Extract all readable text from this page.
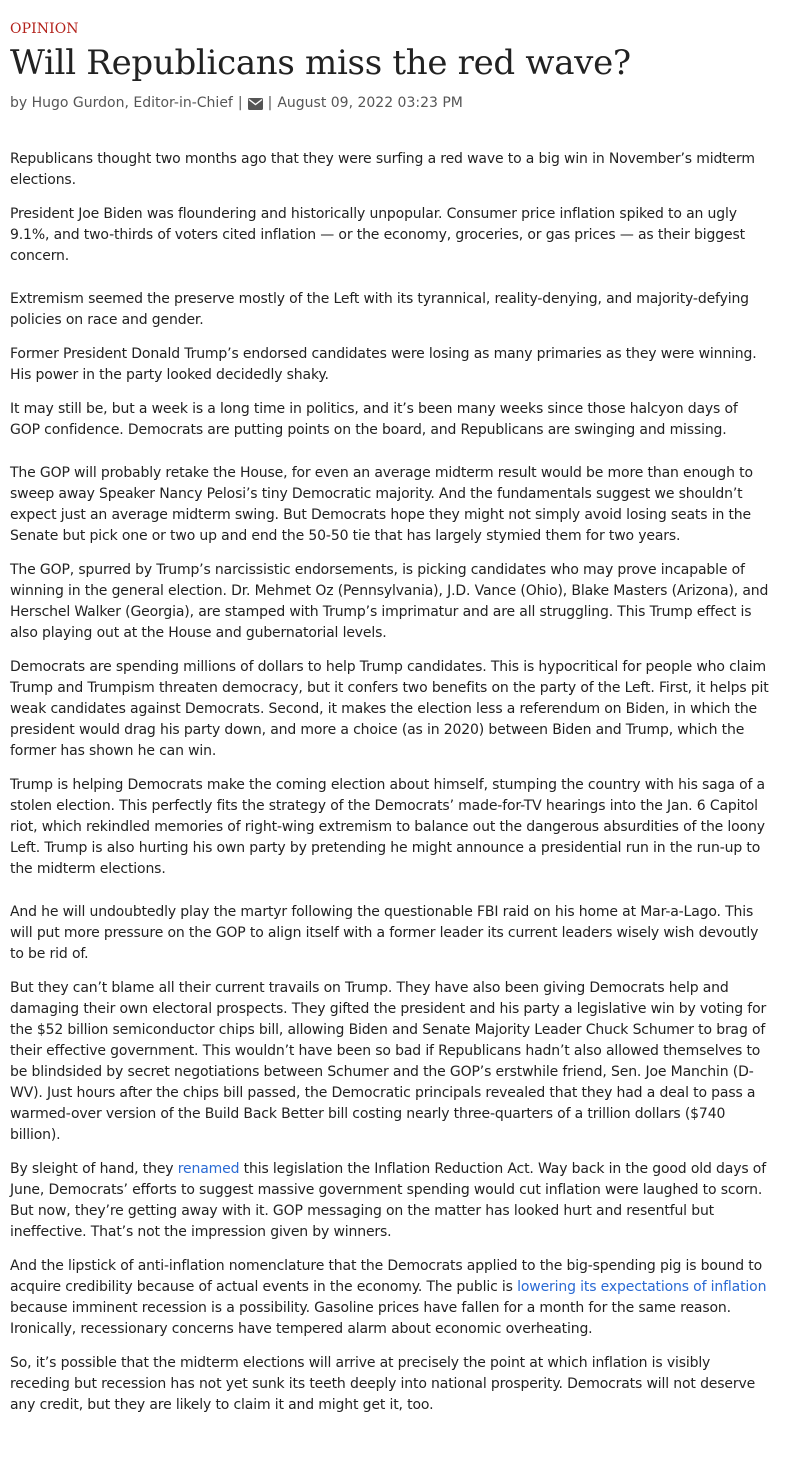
OPINION
Will Republicans miss the red wave?
by Hugo Gurdon, Editor-in-Chief | | August 09, 2022 03:23 PM

Republicans thought two months ago that they were surfing a red wave to a big win in November’s midterm elections.

President Joe Biden was floundering and historically unpopular. Consumer price inflation spiked to an ugly 9.1%, and two-thirds of voters cited inflation — or the economy, groceries, or gas prices — as their biggest concern.

Extremism seemed the preserve mostly of the Left with its tyrannical, reality-denying, and majority-defying policies on race and gender.

Former President Donald Trump’s endorsed candidates were losing as many primaries as they were winning. His power in the party looked decidedly shaky.

It may still be, but a week is a long time in politics, and it’s been many weeks since those halcyon days of GOP confidence. Democrats are putting points on the board, and Republicans are swinging and missing.

The GOP will probably retake the House, for even an average midterm result would be more than enough to sweep away Speaker Nancy Pelosi’s tiny Democratic majority. And the fundamentals suggest we shouldn’t expect just an average midterm swing. But Democrats hope they might not simply avoid losing seats in the Senate but pick one or two up and end the 50-50 tie that has largely stymied them for two years.

The GOP, spurred by Trump’s narcissistic endorsements, is picking candidates who may prove incapable of winning in the general election. Dr. Mehmet Oz (Pennsylvania), J.D. Vance (Ohio), Blake Masters (Arizona), and Herschel Walker (Georgia), are stamped with Trump’s imprimatur and are all struggling. This Trump effect is also playing out at the House and gubernatorial levels.

Democrats are spending millions of dollars to help Trump candidates. This is hypocritical for people who claim Trump and Trumpism threaten democracy, but it confers two benefits on the party of the Left. First, it helps pit weak candidates against Democrats. Second, it makes the election less a referendum on Biden, in which the president would drag his party down, and more a choice (as in 2020) between Biden and Trump, which the former has shown he can win.

Trump is helping Democrats make the coming election about himself, stumping the country with his saga of a stolen election. This perfectly fits the strategy of the Democrats’ made-for-TV hearings into the Jan. 6 Capitol riot, which rekindled memories of right-wing extremism to balance out the dangerous absurdities of the loony Left. Trump is also hurting his own party by pretending he might announce a presidential run in the run-up to the midterm elections.

And he will undoubtedly play the martyr following the questionable FBI raid on his home at Mar-a-Lago. This will put more pressure on the GOP to align itself with a former leader its current leaders wisely wish devoutly to be rid of.

But they can’t blame all their current travails on Trump. They have also been giving Democrats help and damaging their own electoral prospects. They gifted the president and his party a legislative win by voting for the $52 billion semiconductor chips bill, allowing Biden and Senate Majority Leader Chuck Schumer to brag of their effective government. This wouldn’t have been so bad if Republicans hadn’t also allowed themselves to be blindsided by secret negotiations between Schumer and the GOP’s erstwhile friend, Sen. Joe Manchin (D-WV). Just hours after the chips bill passed, the Democratic principals revealed that they had a deal to pass a warmed-over version of the Build Back Better bill costing nearly three-quarters of a trillion dollars ($740 billion).

By sleight of hand, they renamed this legislation the Inflation Reduction Act. Way back in the good old days of June, Democrats’ efforts to suggest massive government spending would cut inflation were laughed to scorn. But now, they’re getting away with it. GOP messaging on the matter has looked hurt and resentful but ineffective. That’s not the impression given by winners.

And the lipstick of anti-inflation nomenclature that the Democrats applied to the big-spending pig is bound to acquire credibility because of actual events in the economy. The public is lowering its expectations of inflation because imminent recession is a possibility. Gasoline prices have fallen for a month for the same reason. Ironically, recessionary concerns have tempered alarm about economic overheating.

So, it’s possible that the midterm elections will arrive at precisely the point at which inflation is visibly receding but recession has not yet sunk its teeth deeply into national prosperity. Democrats will not deserve any credit, but they are likely to claim it and might get it, too.
